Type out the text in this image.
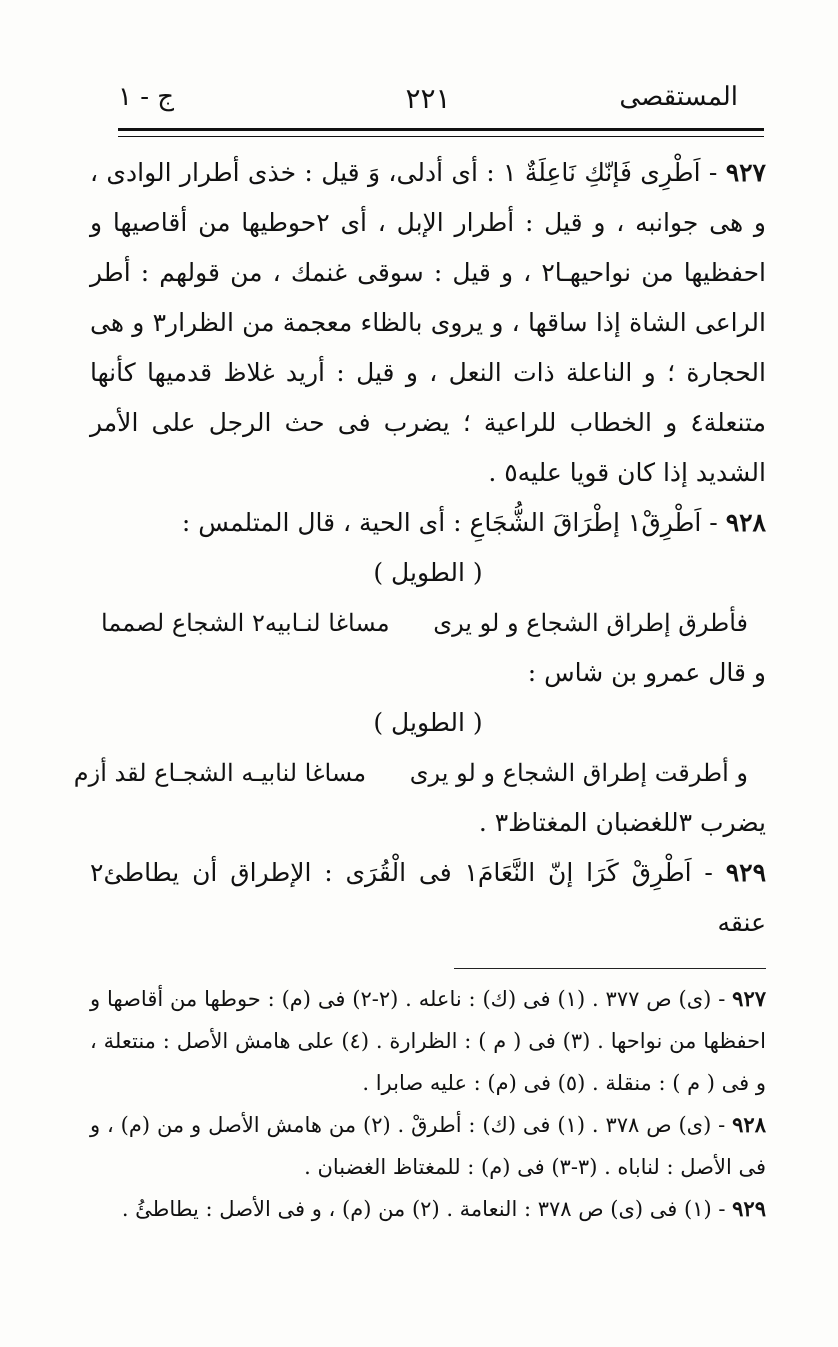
ج - ١	٢٢١	المستقصى

٩٢٧ - اَطْرِى فَإنّكِ نَاعِلَةٌ ١ : أى أدلى، وَ قيل : خذى أطرار الوادى ، و هى جوانبه ، و قيل : أطرار الإبل ، أى ٢حوطيها من أقاصيها و احفظيها من نواحيهـا٢ ، و قيل : سوقى غنمك ، من قولهم : أطر الراعى الشاة إذا ساقها ، و يروى بالظاء معجمة من الظرار٣ و هى الحجارة ؛ و الناعلة ذات النعل ، و قيل : أريد غلاظ قدميها كأنها متنعلة٤ و الخطاب للراعية ؛ يضرب فى حث الرجل على الأمر الشديد إذا كان قويا عليه٥ .

٩٢٨ - اَطْرِقْ١ إطْرَاقَ الشُّجَاعِ : أى الحية ، قال المتلمس :

( الطويل )

فأطرق إطراق الشجاع و لو يرى مساغا لنـابيه٢ الشجاع لصمما

و قال عمرو بن شاس :

( الطويل )

و أطرقت إطراق الشجاع و لو يرى مساغا لنابيـه الشجـاع لقد أزم

يضرب ٣للغضبان المغتاظ٣ .

٩٢٩ - اَطْرِقْ كَرَا إنّ النَّعَامَ١ فى الْقُرَى : الإطراق أن يطاطئ٢ عنقه

٩٢٧ - (ى) ص ٣٧٧ . (١) فى (ك) : ناعله . (٢-٢) فى (م) : حوطها من أقاصها و احفظها من نواحها . (٣) فى ( م ) : الظرارة . (٤) على هامش الأصل : منتعلة ، و فى ( م ) : منقلة . (٥) فى (م) : عليه صابرا .

٩٢٨ - (ى) ص ٣٧٨ . (١) فى (ك) : أطرقْ . (٢) من هامش الأصل و من (م) ، و فى الأصل : لناباه . (٣-٣) فى (م) : للمغتاظ الغضبان .

٩٢٩ - (١) فى (ى) ص ٣٧٨ : النعامة . (٢) من (م) ، و فى الأصل : يطاطئُ .
